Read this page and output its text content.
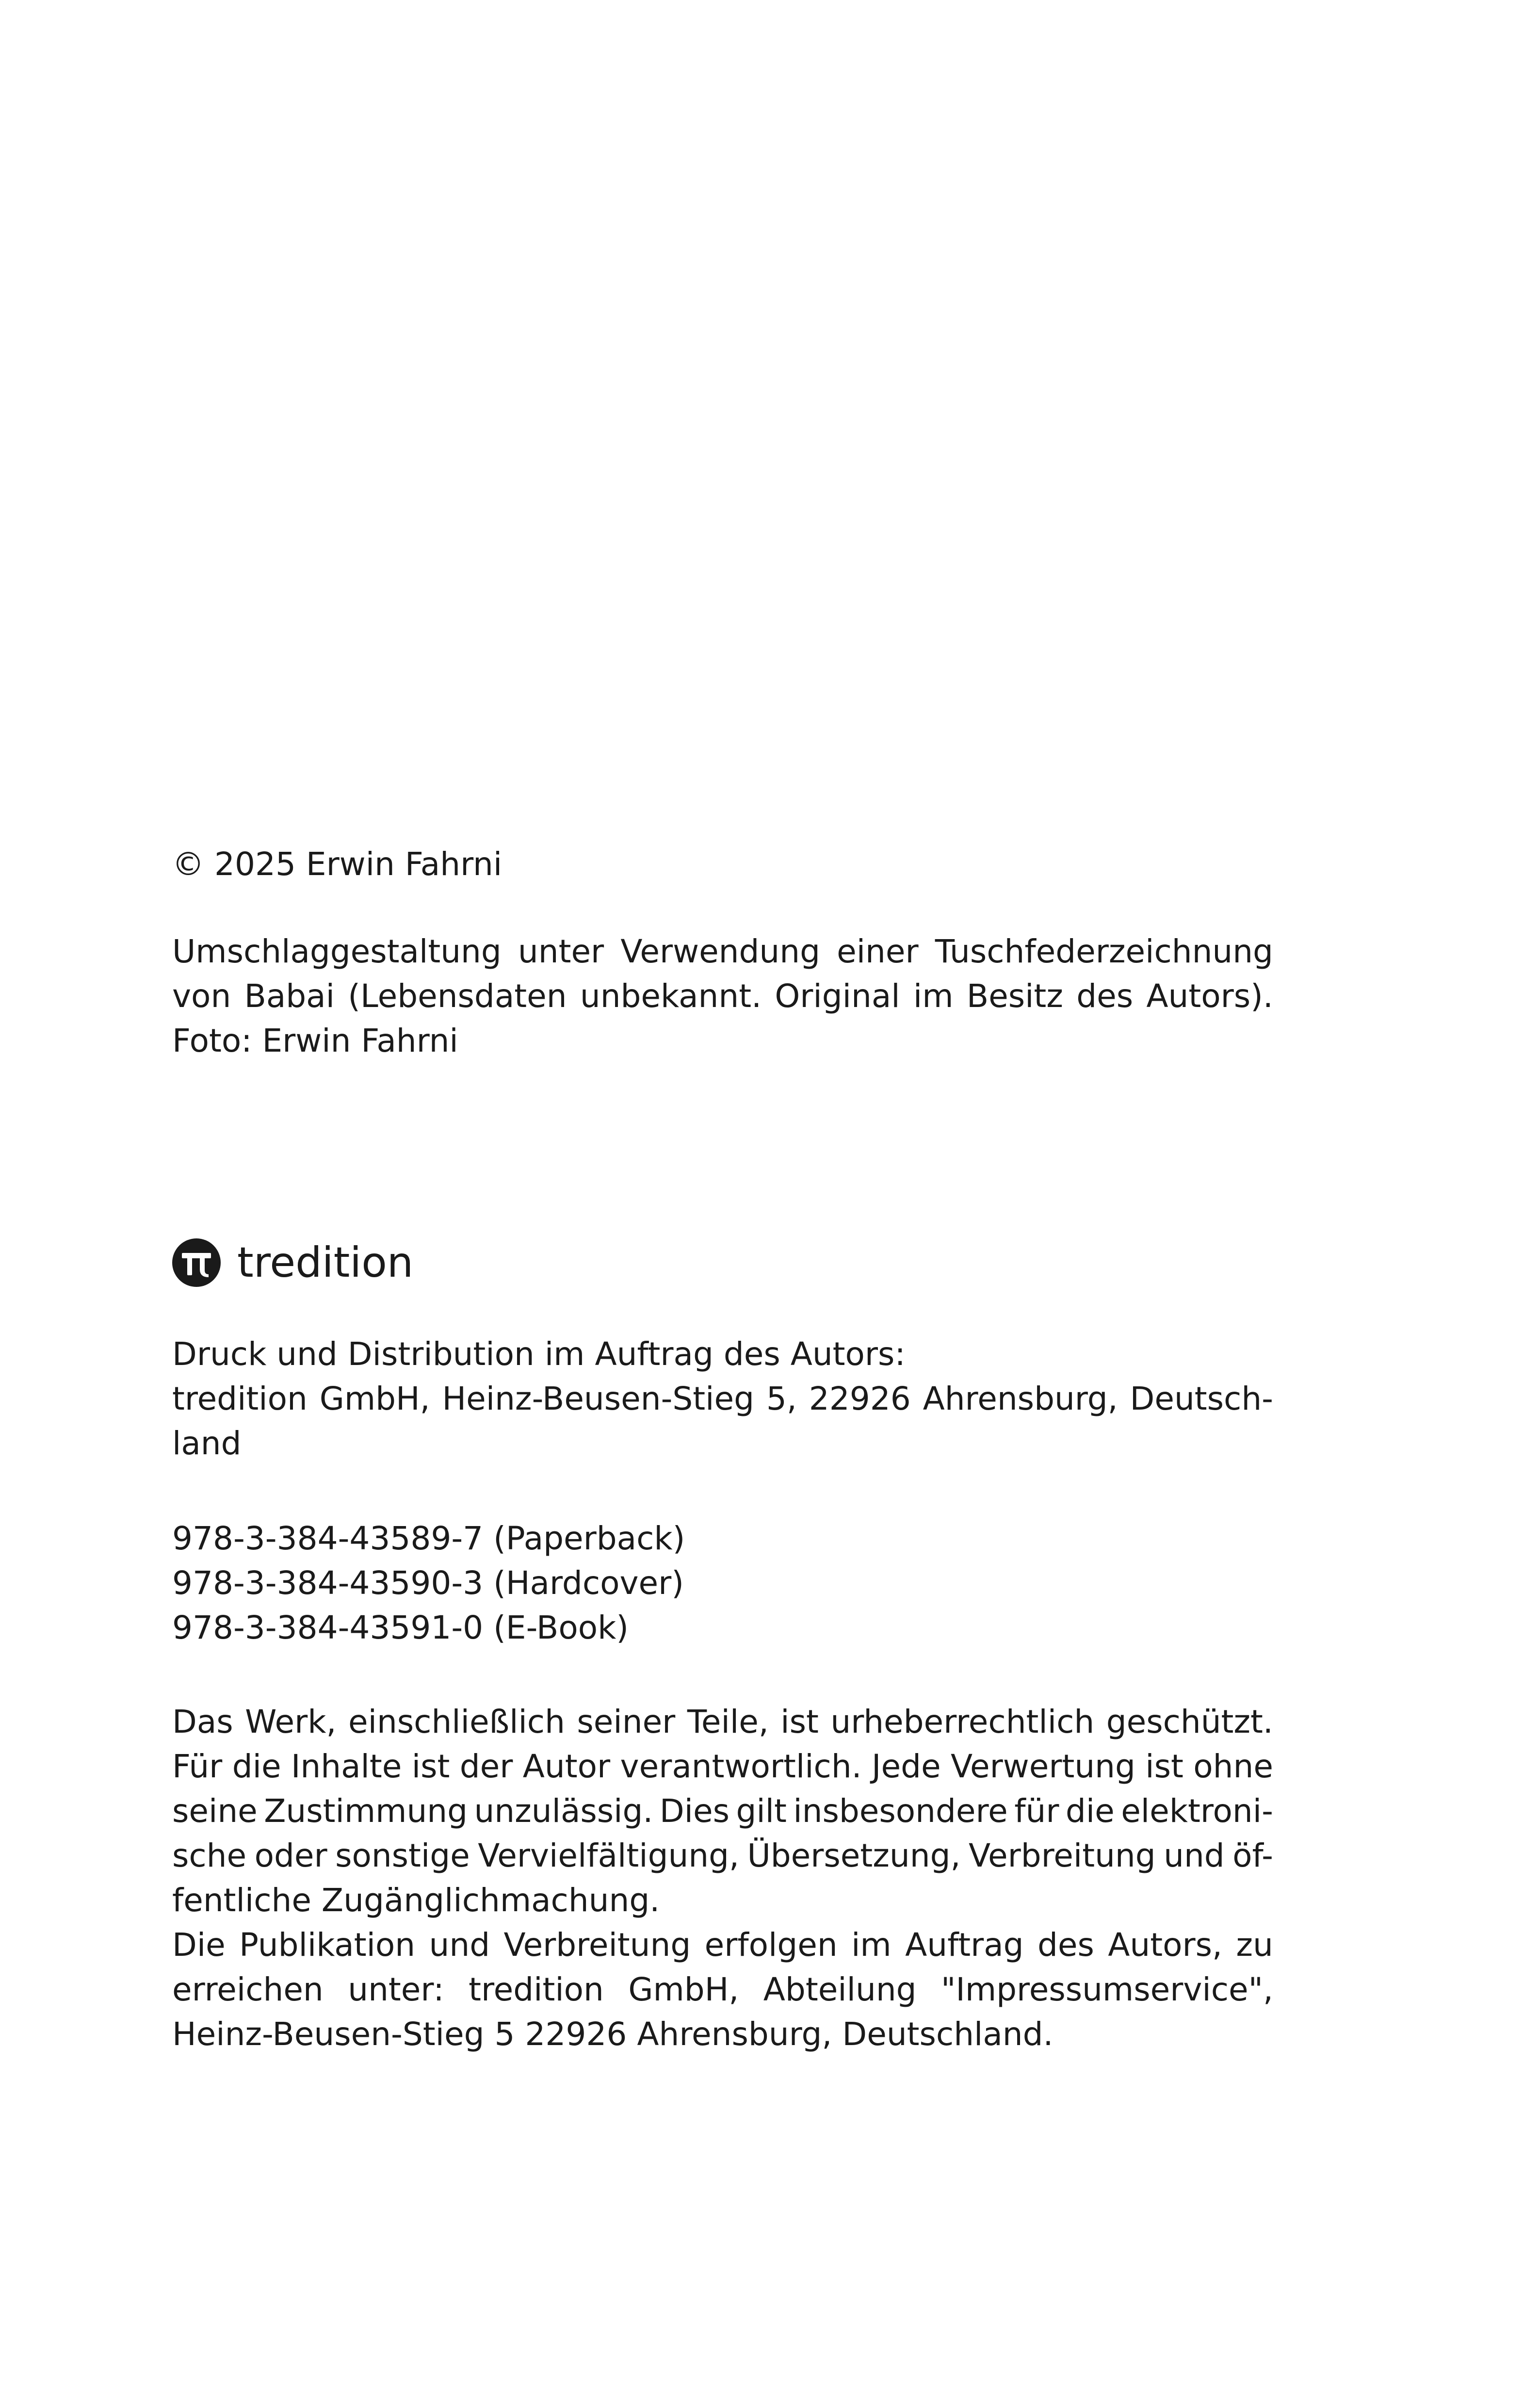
© 2025 Erwin Fahrni
Umschlaggestaltung unter Verwendung einer Tuschfederzeichnung
von Babai (Lebensdaten unbekannt. Original im Besitz des Autors).
Foto: Erwin Fahrni
tredition
Druck und Distribution im Auftrag des Autors:
tredition GmbH, Heinz-Beusen-Stieg 5, 22926 Ahrensburg, Deutsch-
land
978-3-384-43589-7 (Paperback)
978-3-384-43590-3 (Hardcover)
978-3-384-43591-0 (E-Book)
Das Werk, einschließlich seiner Teile, ist urheberrechtlich geschützt.
Für die Inhalte ist der Autor verantwortlich. Jede Verwertung ist ohne
seine Zustimmung unzulässig. Dies gilt insbesondere für die elektroni-
sche oder sonstige Vervielfältigung, Übersetzung, Verbreitung und öf-
fentliche Zugänglichmachung.
Die Publikation und Verbreitung erfolgen im Auftrag des Autors, zu
erreichen unter: tredition GmbH, Abteilung "Impressumservice",
Heinz-Beusen-Stieg 5 22926 Ahrensburg, Deutschland.
